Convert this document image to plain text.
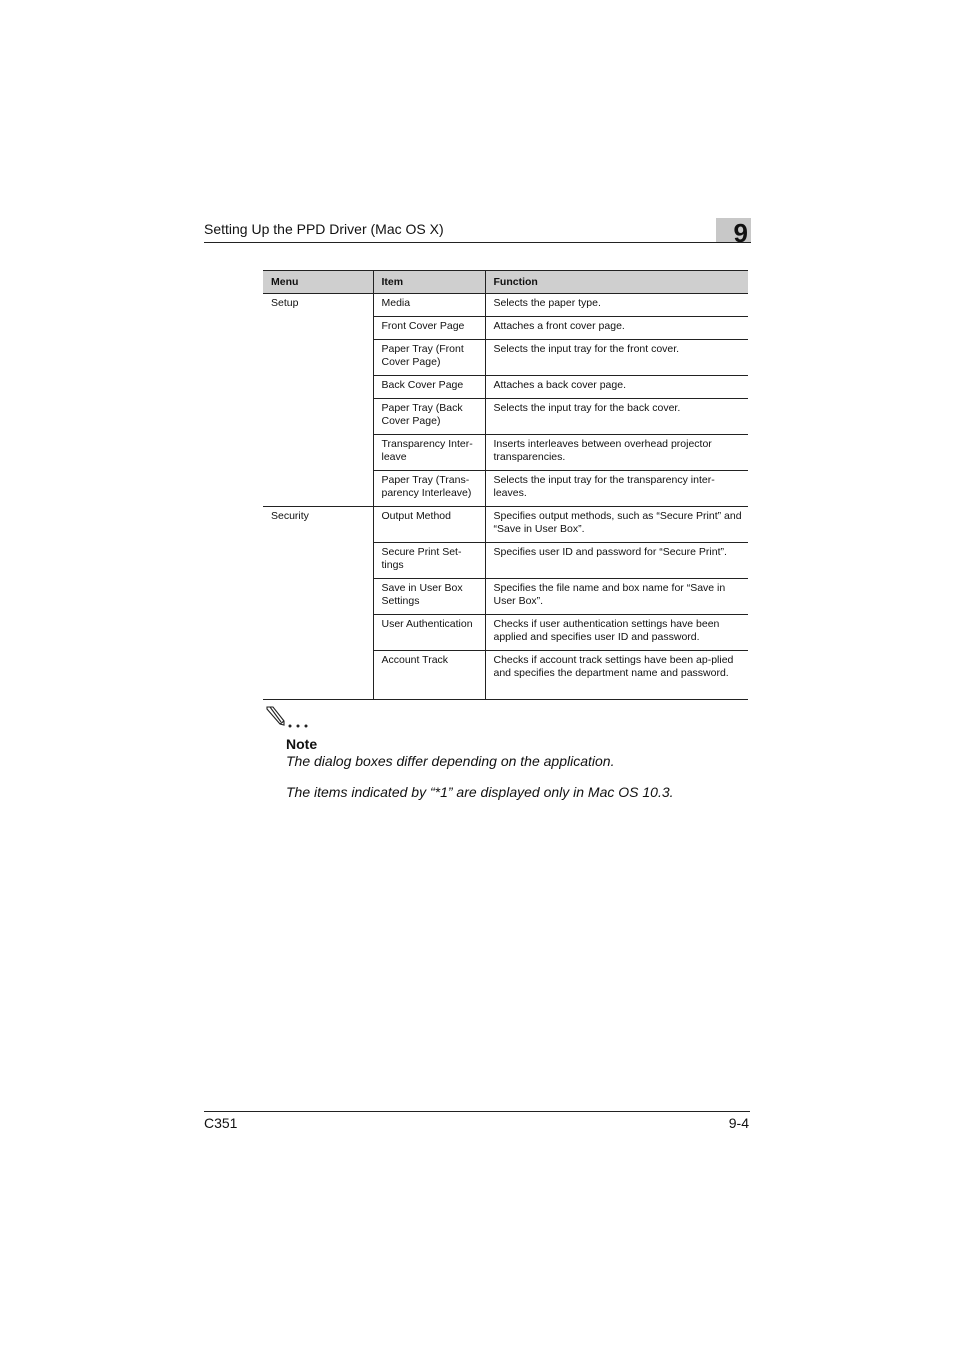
Setting Up the PPD Driver (Mac OS X)	9
Menu	Item	Function
Setup	Media	Selects the paper type.
	Front Cover Page	Attaches a front cover page.
	Paper Tray (Front Cover Page)	Selects the input tray for the front cover.
	Back Cover Page	Attaches a back cover page.
	Paper Tray (Back Cover Page)	Selects the input tray for the back cover.
	Transparency Inter-leave	Inserts interleaves between overhead projector transparencies.
	Paper Tray (Trans-parency Interleave)	Selects the input tray for the transparency inter-leaves.
Security	Output Method	Specifies output methods, such as “Secure Print” and “Save in User Box”.
	Secure Print Set-tings	Specifies user ID and password for “Secure Print”.
	Save in User Box Settings	Specifies the file name and box name for “Save in User Box”.
	User Authentication	Checks if user authentication settings have been applied and specifies user ID and password.
	Account Track	Checks if account track settings have been ap-plied and specifies the department name and password.
Note
The dialog boxes differ depending on the application.
The items indicated by “*1” are displayed only in Mac OS 10.3.
C351	9-4
